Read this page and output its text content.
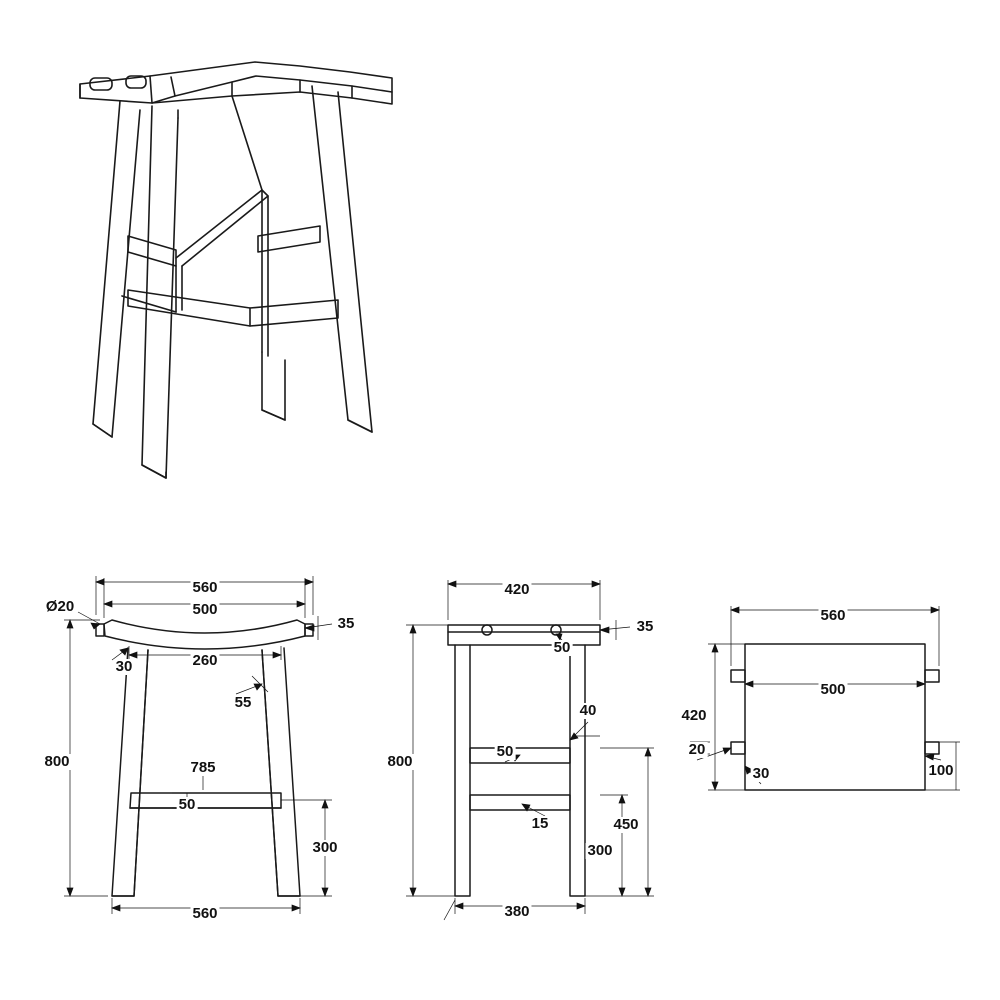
Ø20
560
500
35
30	260
55
800	785
50
300
560
420
35
50
800
40
50
15	450
300
380
560
500
420
20
30	100
